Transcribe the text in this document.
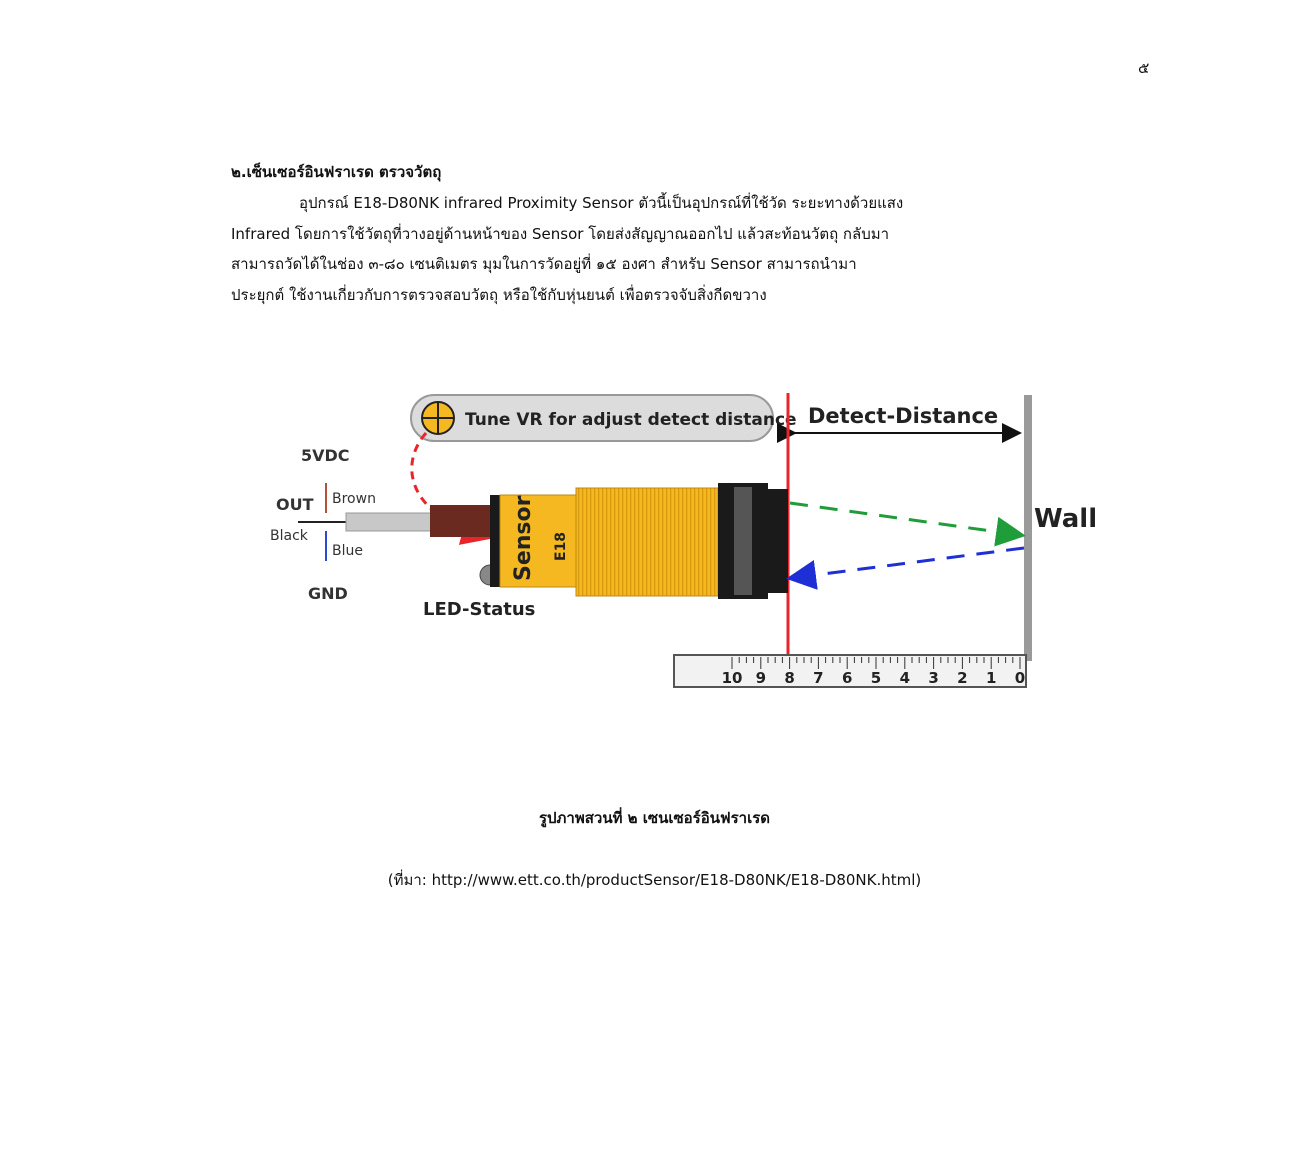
๕
๒.เซ็นเซอร์อินฟราเรด ตรวจวัตถุ
อุปกรณ์ E18-D80NK infrared Proximity Sensor ตัวนี้เป็นอุปกรณ์ที่ใช้วัด ระยะทางด้วยแสง
Infrared โดยการใช้วัตถุที่วางอยู่ด้านหน้าของ Sensor โดยส่งสัญญาณออกไป แล้วสะท้อนวัตถุ กลับมา
สามารถวัดได้ในช่อง ๓-๘๐ เซนติเมตร มุมในการวัดอยู่ที่ ๑๕ องศา สำหรับ Sensor สามารถนำมา
ประยุกต์ ใช้งานเกี่ยวกับการตรวจสอบวัตถุ หรือใช้กับหุ่นยนต์ เพื่อตรวจจับสิ่งกีดขวาง
Tune VR for adjust detect distance Detect-Distance
Wall
5VDC
OUT Brown
Black
Blue
GND
LED-Status
Sensor E18
10 9 8 7 6 5 4 3 2 1 0
รูปภาพสวนที่ ๒ เซนเซอร์อินฟราเรด
(ที่มา: http://www.ett.co.th/productSensor/E18-D80NK/E18-D80NK.html)
